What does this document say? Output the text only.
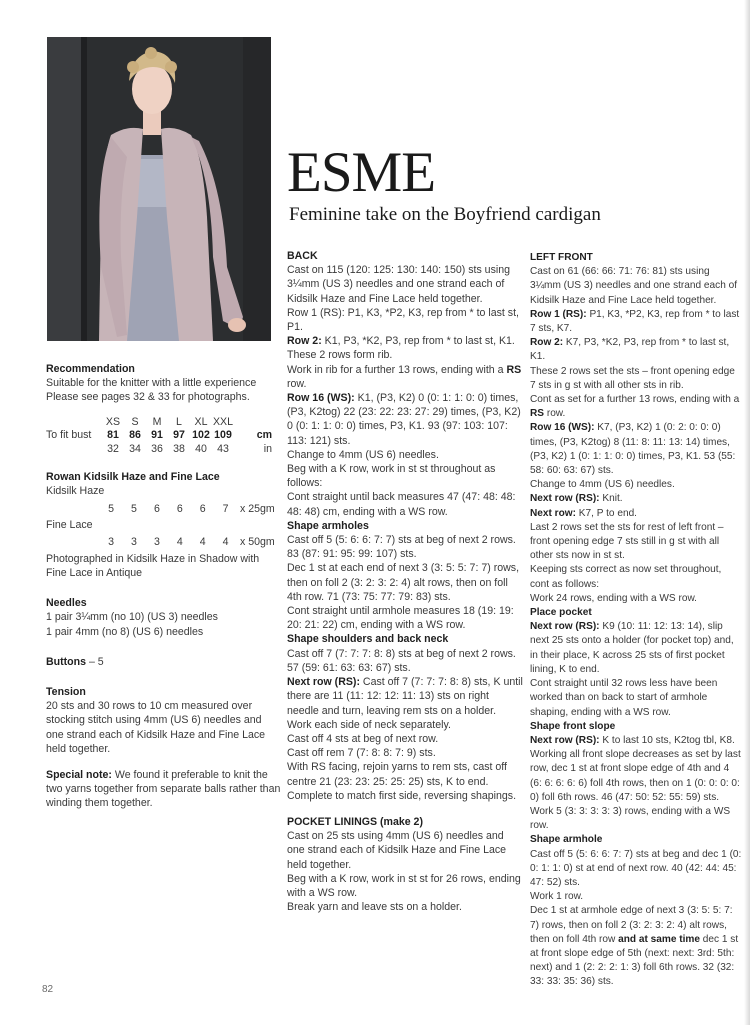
ESME
Feminine take on the Boyfriend cardigan

Recommendation

Suitable for the knitter with a little experience

Please see pages 32 & 33 for photographs.

	XS	S	M	L	XL	XXL	
To fit bust	81	86	91	97	102	109	cm
	32	34	36	38	40	43	in

Rowan Kidsilk Haze and Fine Lace

Kidsilk Haze

	5	5	6	6	6	7	x 25gm

Fine Lace

	3	3	3	4	4	4	x 50gm

Photographed in Kidsilk Haze in Shadow with

Fine Lace in Antique

Needles

1 pair 3¼mm (no 10) (US 3) needles

1 pair 4mm (no 8) (US 6) needles

Buttons – 5

Tension

20 sts and 30 rows to 10 cm measured over stocking stitch using 4mm (US 6) needles and one strand each of Kidsilk Haze and Fine Lace held together.

Special note: We found it preferable to knit the two yarns together from separate balls rather than winding them together.

BACK

Cast on 115 (120: 125: 130: 140: 150) sts using 3¼mm (US 3) needles and one strand each of Kidsilk Haze and Fine Lace held together.

Row 1 (RS): P1, K3, *P2, K3, rep from * to last st, P1.

Row 2: K1, P3, *K2, P3, rep from * to last st, K1.

These 2 rows form rib.

Work in rib for a further 13 rows, ending with a RS row.

Row 16 (WS): K1, (P3, K2) 0 (0: 1: 1: 0: 0) times, (P3, K2tog) 22 (23: 22: 23: 27: 29) times, (P3, K2) 0 (0: 1: 1: 0: 0) times, P3, K1. 93 (97: 103: 107: 113: 121) sts.

Change to 4mm (US 6) needles.

Beg with a K row, work in st st throughout as follows:

Cont straight until back measures 47 (47: 48: 48: 48: 48) cm, ending with a WS row.

Shape armholes

Cast off 5 (5: 6: 6: 7: 7) sts at beg of next 2 rows. 83 (87: 91: 95: 99: 107) sts.

Dec 1 st at each end of next 3 (3: 5: 5: 7: 7) rows, then on foll 2 (3: 2: 3: 2: 4) alt rows, then on foll 4th row. 71 (73: 75: 77: 79: 83) sts.

Cont straight until armhole measures 18 (19: 19: 20: 21: 22) cm, ending with a WS row.

Shape shoulders and back neck

Cast off 7 (7: 7: 7: 8: 8) sts at beg of next 2 rows. 57 (59: 61: 63: 63: 67) sts.

Next row (RS): Cast off 7 (7: 7: 7: 8: 8) sts, K until there are 11 (11: 12: 12: 11: 13) sts on right needle and turn, leaving rem sts on a holder.

Work each side of neck separately.

Cast off 4 sts at beg of next row.

Cast off rem 7 (7: 8: 8: 7: 9) sts.

With RS facing, rejoin yarns to rem sts, cast off centre 21 (23: 23: 25: 25: 25) sts, K to end.

Complete to match first side, reversing shapings.

POCKET LININGS (make 2)

Cast on 25 sts using 4mm (US 6) needles and one strand each of Kidsilk Haze and Fine Lace held together.

Beg with a K row, work in st st for 26 rows, ending with a WS row.

Break yarn and leave sts on a holder.

LEFT FRONT

Cast on 61 (66: 66: 71: 76: 81) sts using 3¼mm (US 3) needles and one strand each of Kidsilk Haze and Fine Lace held together.

Row 1 (RS): P1, K3, *P2, K3, rep from * to last 7 sts, K7.

Row 2: K7, P3, *K2, P3, rep from * to last st, K1.

These 2 rows set the sts – front opening edge 7 sts in g st with all other sts in rib.

Cont as set for a further 13 rows, ending with a RS row.

Row 16 (WS): K7, (P3, K2) 1 (0: 2: 0: 0: 0) times, (P3, K2tog) 8 (11: 8: 11: 13: 14) times, (P3, K2) 1 (0: 1: 1: 0: 0) times, P3, K1. 53 (55: 58: 60: 63: 67) sts.

Change to 4mm (US 6) needles.

Next row (RS): Knit.

Next row: K7, P to end.

Last 2 rows set the sts for rest of left front – front opening edge 7 sts still in g st with all other sts now in st st.

Keeping sts correct as now set throughout, cont as follows:

Work 24 rows, ending with a WS row.

Place pocket

Next row (RS): K9 (10: 11: 12: 13: 14), slip next 25 sts onto a holder (for pocket top) and, in their place, K across 25 sts of first pocket lining, K to end.

Cont straight until 32 rows less have been worked than on back to start of armhole shaping, ending with a WS row.

Shape front slope

Next row (RS): K to last 10 sts, K2tog tbl, K8.

Working all front slope decreases as set by last row, dec 1 st at front slope edge of 4th and 4 (6: 6: 6: 6: 6) foll 4th rows, then on 1 (0: 0: 0: 0: 0) foll 6th rows. 46 (47: 50: 52: 55: 59) sts.

Work 5 (3: 3: 3: 3: 3) rows, ending with a WS row.

Shape armhole

Cast off 5 (5: 6: 6: 7: 7) sts at beg and dec 1 (0: 0: 1: 1: 0) st at end of next row. 40 (42: 44: 45: 47: 52) sts.

Work 1 row.

Dec 1 st at armhole edge of next 3 (3: 5: 5: 7: 7) rows, then on foll 2 (3: 2: 3: 2: 4) alt rows, then on foll 4th row and at same time dec 1 st at front slope edge of 5th (next: next: 3rd: 5th: next) and 1 (2: 2: 2: 1: 3) foll 6th rows. 32 (32: 33: 33: 35: 36) sts.

82
